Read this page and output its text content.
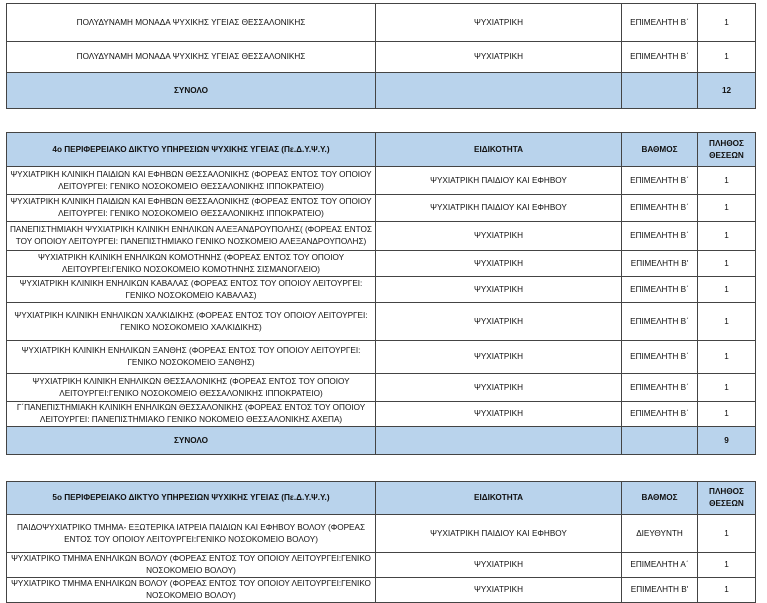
ΠΟΛΥΔΥΝΑΜΗ ΜΟΝΑΔΑ ΨΥΧΙΚΗΣ ΥΓΕΙΑΣ ΘΕΣΣΑΛΟΝΙΚΗΣ	ΨΥΧΙΑΤΡΙΚΗ	ΕΠΙΜΕΛΗΤΗ Β΄	1
ΠΟΛΥΔΥΝΑΜΗ ΜΟΝΑΔΑ ΨΥΧΙΚΗΣ ΥΓΕΙΑΣ ΘΕΣΣΑΛΟΝΙΚΗΣ	ΨΥΧΙΑΤΡΙΚΗ	ΕΠΙΜΕΛΗΤΗ Β΄	1
ΣΥΝΟΛΟ			12
4ο ΠΕΡΙΦΕΡΕΙΑΚΟ ΔΙΚΤΥΟ ΥΠΗΡΕΣΙΩΝ ΨΥΧΙΚΗΣ ΥΓΕΙΑΣ (Πε.Δ.Υ.Ψ.Υ.)	ΕΙΔΙΚΟΤΗΤΑ	ΒΑΘΜΟΣ	ΠΛΗΘΟΣ ΘΕΣΕΩΝ
ΨΥΧΙΑΤΡΙΚΗ ΚΛΙΝΙΚΗ ΠΑΙΔΙΩΝ ΚΑΙ ΕΦΗΒΩΝ ΘΕΣΣΑΛΟΝΙΚΗΣ (ΦΟΡΕΑΣ ΕΝΤΟΣ ΤΟΥ ΟΠΟΙΟΥ ΛΕΙΤΟΥΡΓΕΙ: ΓΕΝΙΚΟ ΝΟΣΟΚΟΜΕΙΟ ΘΕΣΣΑΛΟΝΙΚΗΣ ΙΠΠΟΚΡΑΤΕΙΟ)	ΨΥΧΙΑΤΡΙΚΗ ΠΑΙΔΙΟΥ ΚΑΙ ΕΦΗΒΟΥ	ΕΠΙΜΕΛΗΤΗ Β΄	1
ΨΥΧΙΑΤΡΙΚΗ ΚΛΙΝΙΚΗ ΠΑΙΔΙΩΝ ΚΑΙ ΕΦΗΒΩΝ ΘΕΣΣΑΛΟΝΙΚΗΣ (ΦΟΡΕΑΣ ΕΝΤΟΣ ΤΟΥ ΟΠΟΙΟΥ ΛΕΙΤΟΥΡΓΕΙ: ΓΕΝΙΚΟ ΝΟΣΟΚΟΜΕΙΟ ΘΕΣΣΑΛΟΝΙΚΗΣ ΙΠΠΟΚΡΑΤΕΙΟ)	ΨΥΧΙΑΤΡΙΚΗ ΠΑΙΔΙΟΥ ΚΑΙ ΕΦΗΒΟΥ	ΕΠΙΜΕΛΗΤΗ Β΄	1
ΠΑΝΕΠΙΣΤΗΜΙΑΚΗ ΨΥΧΙΑΤΡΙΚΗ ΚΛΙΝΙΚΗ ΕΝΗΛΙΚΩΝ ΑΛΕΞΑΝΔΡΟΥΠΟΛΗΣ( (ΦΟΡΕΑΣ ΕΝΤΟΣ ΤΟΥ ΟΠΟΙΟΥ ΛΕΙΤΟΥΡΓΕΙ: ΠΑΝΕΠΙΣΤΗΜΙΑΚΟ ΓΕΝΙΚΟ ΝΟΣΚΟΜΕΙΟ ΑΛΕΞΑΝΔΡΟΥΠΟΛΗΣ)	ΨΥΧΙΑΤΡΙΚΗ	ΕΠΙΜΕΛΗΤΗ Β΄	1
ΨΥΧΙΑΤΡΙΚΗ ΚΛΙΝΙΚΗ ΕΝΗΛΙΚΩΝ ΚΟΜΟΤΗΝΗΣ (ΦΟΡΕΑΣ ΕΝΤΟΣ ΤΟΥ ΟΠΟΙΟΥ ΛΕΙΤΟΥΡΓΕΙ:ΓΕΝΙΚΟ ΝΟΣΟΚΟΜΕΙΟ ΚΟΜΟΤΗΝΗΣ ΣΙΣΜΑΝΟΓΛΕΙΟ)	ΨΥΧΙΑΤΡΙΚΗ	ΕΠΙΜΕΛΗΤΗ Β'	1
ΨΥΧΙΑΤΡΙΚΗ ΚΛΙΝΙΚΗ ΕΝΗΛΙΚΩΝ ΚΑΒΑΛΑΣ (ΦΟΡΕΑΣ ΕΝΤΟΣ ΤΟΥ ΟΠΟΙΟΥ ΛΕΙΤΟΥΡΓΕΙ: ΓΕΝΙΚΟ ΝΟΣΟΚΟΜΕΙΟ ΚΑΒΑΛΑΣ)	ΨΥΧΙΑΤΡΙΚΗ	ΕΠΙΜΕΛΗΤΗ Β΄	1
ΨΥΧΙΑΤΡΙΚΗ ΚΛΙΝΙΚΗ ΕΝΗΛΙΚΩΝ ΧΑΛΚΙΔΙΚΗΣ (ΦΟΡΕΑΣ ΕΝΤΟΣ ΤΟΥ ΟΠΟΙΟΥ ΛΕΙΤΟΥΡΓΕΙ: ΓΕΝΙΚΟ ΝΟΣΟΚΟΜΕΙΟ ΧΑΛΚΙΔΙΚΗΣ)	ΨΥΧΙΑΤΡΙΚΗ	ΕΠΙΜΕΛΗΤΗ Β΄	1
ΨΥΧΙΑΤΡΙΚΗ ΚΛΙΝΙΚΗ ΕΝΗΛΙΚΩΝ ΞΑΝΘΗΣ (ΦΟΡΕΑΣ ΕΝΤΟΣ ΤΟΥ ΟΠΟΙΟΥ ΛΕΙΤΟΥΡΓΕΙ: ΓΕΝΙΚΟ ΝΟΣΟΚΟΜΕΙΟ ΞΑΝΘΗΣ)	ΨΥΧΙΑΤΡΙΚΗ	ΕΠΙΜΕΛΗΤΗ Β΄	1
ΨΥΧΙΑΤΡΙΚΗ ΚΛΙΝΙΚΗ ΕΝΗΛΙΚΩΝ ΘΕΣΣΑΛΟΝΙΚΗΣ (ΦΟΡΕΑΣ ΕΝΤΟΣ ΤΟΥ ΟΠΟΙΟΥ ΛΕΙΤΟΥΡΓΕΙ:ΓΕΝΙΚΟ ΝΟΣΟΚΟΜΕΙΟ ΘΕΣΣΑΛΟΝΙΚΗΣ ΙΠΠΟΚΡΑΤΕΙΟ)	ΨΥΧΙΑΤΡΙΚΗ	ΕΠΙΜΕΛΗΤΗ Β΄	1
Γ΄ΠΑΝΕΠΙΣΤΗΜΙΑΚΗ ΚΛΙΝΙΚΗ ΕΝΗΛΙΚΩΝ ΘΕΣΣΑΛΟΝΙΚΗΣ (ΦΟΡΕΑΣ ΕΝΤΟΣ ΤΟΥ ΟΠΟΙΟΥ ΛΕΙΤΟΥΡΓΕΙ: ΠΑΝΕΠΙΣΤΗΜΙΑΚΟ ΓΕΝΙΚΟ ΝΟΚΟΜΕΙΟ ΘΕΣΣΑΛΟΝΙΚΗΣ ΑΧΕΠΑ)	ΨΥΧΙΑΤΡΙΚΗ	ΕΠΙΜΕΛΗΤΗ Β΄	1
ΣΥΝΟΛΟ			9
5ο ΠΕΡΙΦΕΡΕΙΑΚΟ ΔΙΚΤΥΟ ΥΠΗΡΕΣΙΩΝ ΨΥΧΙΚΗΣ ΥΓΕΙΑΣ (Πε.Δ.Υ.Ψ.Υ.)	ΕΙΔΙΚΟΤΗΤΑ	ΒΑΘΜΟΣ	ΠΛΗΘΟΣ ΘΕΣΕΩΝ
ΠΑΙΔΟΨΥΧΙΑΤΡΙΚΟ ΤΜΗΜΑ- ΕΞΩΤΕΡΙΚΑ ΙΑΤΡΕΙΑ ΠΑΙΔΙΩΝ ΚΑΙ ΕΦΗΒΟΥ ΒΟΛΟΥ (ΦΟΡΕΑΣ ΕΝΤΟΣ ΤΟΥ ΟΠΟΙΟΥ ΛΕΙΤΟΥΡΓΕΙ:ΓΕΝΙΚΟ ΝΟΣΟΚΟΜΕΙΟ ΒΟΛΟΥ)	ΨΥΧΙΑΤΡΙΚΗ ΠΑΙΔΙΟΥ ΚΑΙ ΕΦΗΒΟΥ	ΔΙΕΥΘΥΝΤΗ	1
ΨΥΧΙΑΤΡΙΚΟ ΤΜΗΜΑ ΕΝΗΛΙΚΩΝ ΒΟΛΟΥ (ΦΟΡΕΑΣ ΕΝΤΟΣ ΤΟΥ ΟΠΟΙΟΥ ΛΕΙΤΟΥΡΓΕΙ:ΓΕΝΙΚΟ ΝΟΣΟΚΟΜΕΙΟ ΒΟΛΟΥ)	ΨΥΧΙΑΤΡΙΚΗ	ΕΠΙΜΕΛΗΤΗ Α΄	1
ΨΥΧΙΑΤΡΙΚΟ ΤΜΗΜΑ ΕΝΗΛΙΚΩΝ ΒΟΛΟΥ (ΦΟΡΕΑΣ ΕΝΤΟΣ ΤΟΥ ΟΠΟΙΟΥ ΛΕΙΤΟΥΡΓΕΙ:ΓΕΝΙΚΟ ΝΟΣΟΚΟΜΕΙΟ ΒΟΛΟΥ)	ΨΥΧΙΑΤΡΙΚΗ	ΕΠΙΜΕΛΗΤΗ Β'	1
